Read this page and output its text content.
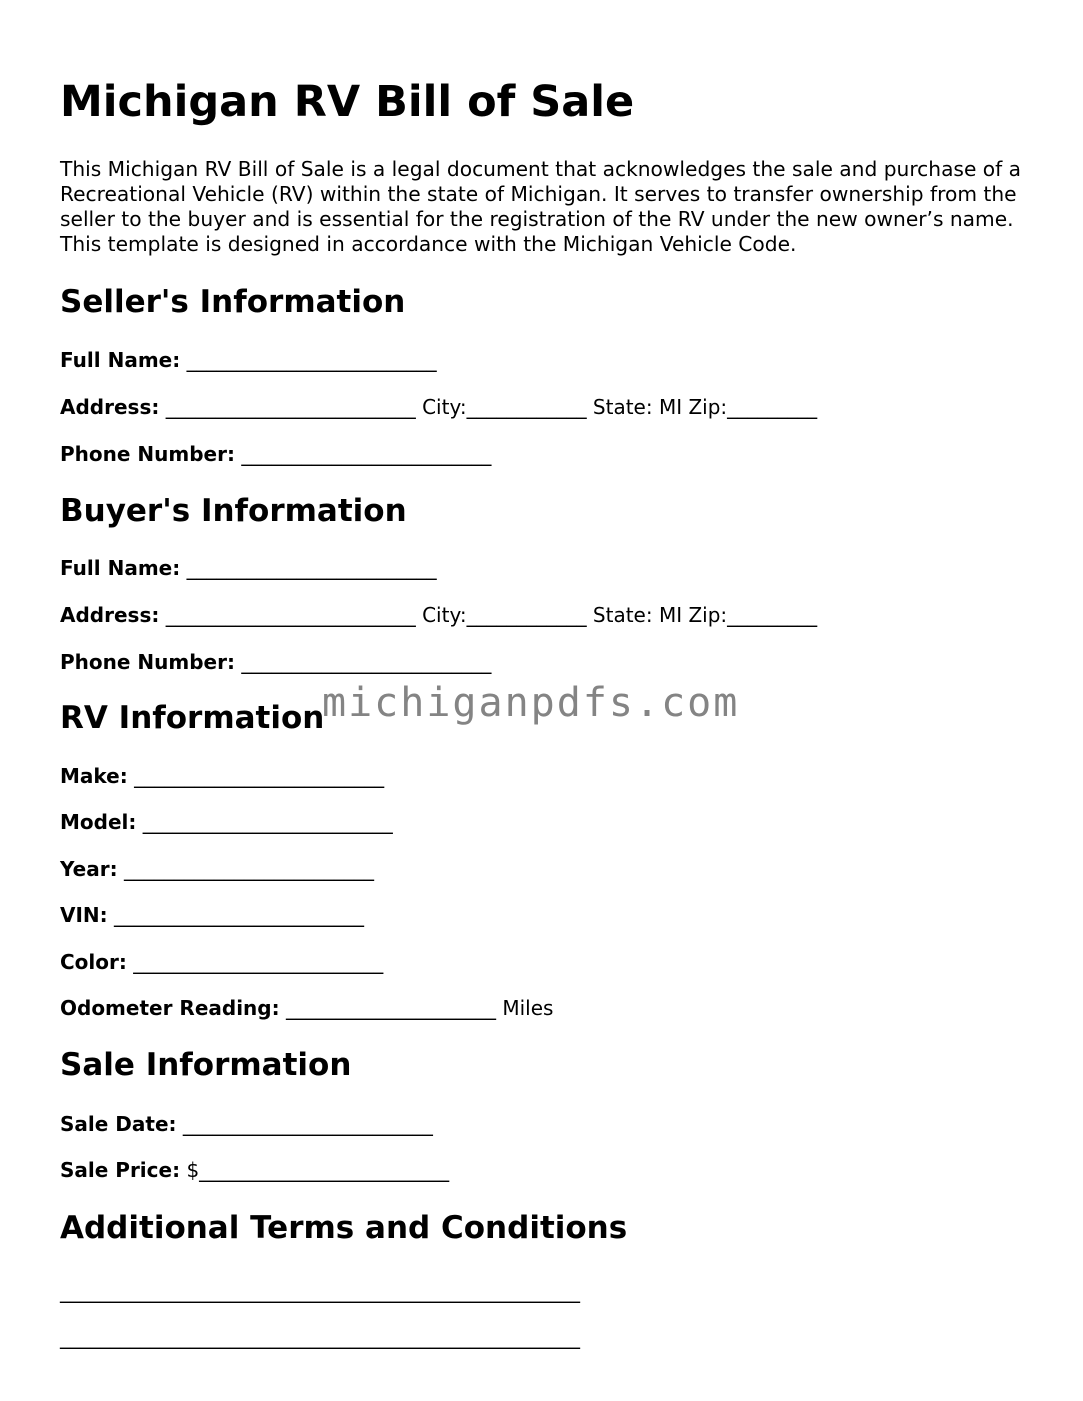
Michigan RV Bill of Sale

This Michigan RV Bill of Sale is a legal document that acknowledges the sale and purchase of a Recreational Vehicle (RV) within the state of Michigan. It serves to transfer ownership from the seller to the buyer and is essential for the registration of the RV under the new owner’s name. This template is designed in accordance with the Michigan Vehicle Code.

Seller's Information

Full Name: _________________________

Address: _________________________ City:____________ State: MI Zip:_________

Phone Number: _________________________

Buyer's Information

Full Name: _________________________

Address: _________________________ City:____________ State: MI Zip:_________

Phone Number: _________________________

RV Information

Make: _________________________

Model: _________________________

Year: _________________________

VIN: _________________________

Color: _________________________

Odometer Reading: _____________________ Miles

Sale Information

Sale Date: _________________________

Sale Price: $_________________________

Additional Terms and Conditions

____________________________________________________

____________________________________________________

michiganpdfs.com
